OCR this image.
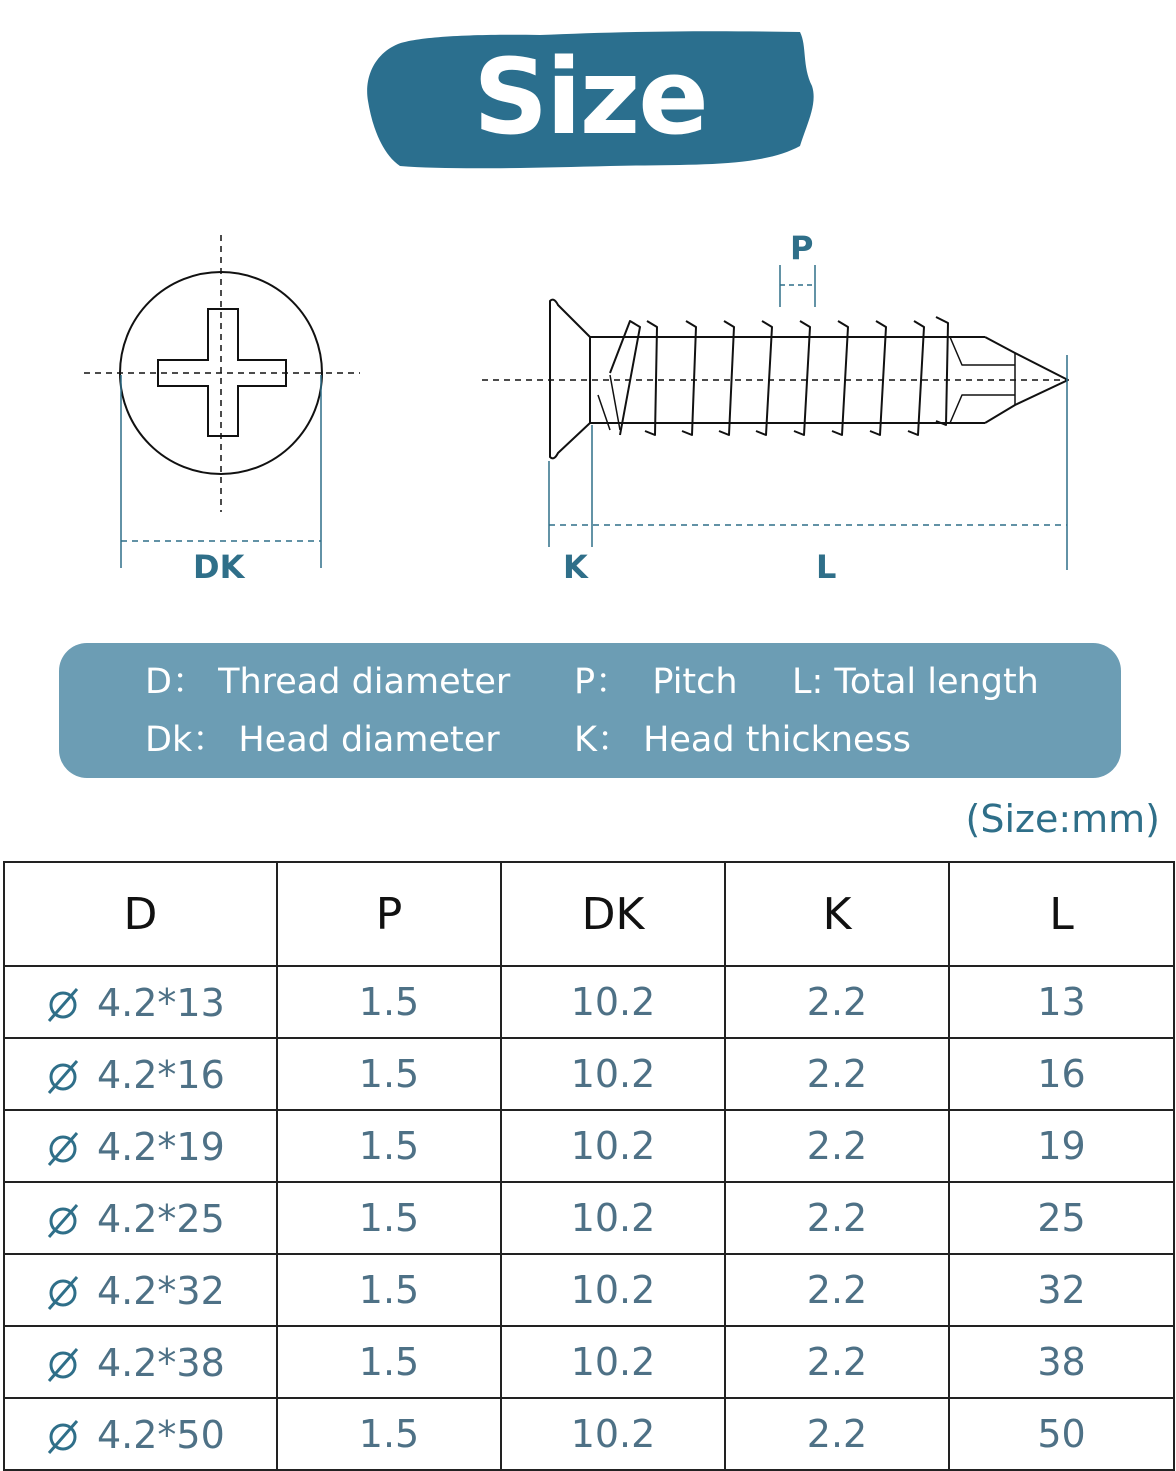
Size
DK
P
K	L
D： Thread diameter P：  Pitch L: Total length
Dk： Head diameter K： Head thickness
(Size:mm)
D	P	DK	K	L

4.2*13	1.5	10.2	2.2	13

4.2*16	1.5	10.2	2.2	16

4.2*19	1.5	10.2	2.2	19

4.2*25	1.5	10.2	2.2	25

4.2*32	1.5	10.2	2.2	32

4.2*38	1.5	10.2	2.2	38

4.2*50	1.5	10.2	2.2	50
